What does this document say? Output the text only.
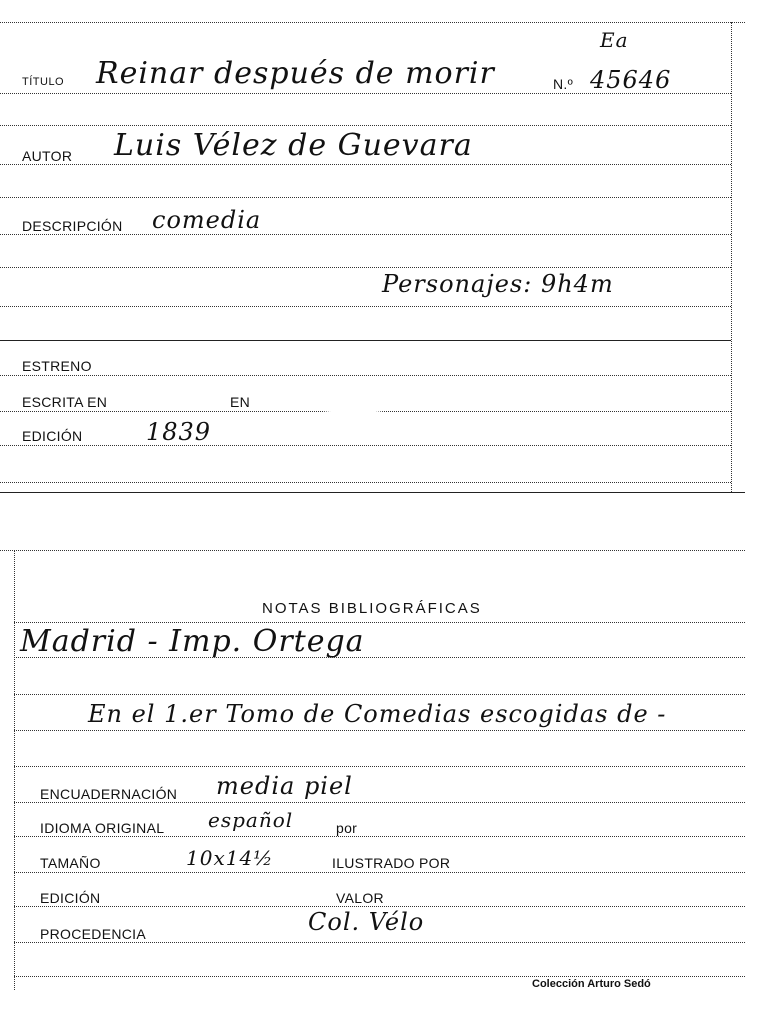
TÍTULO Reinar después de morir	N.º 45646
Ea
AUTOR Luis Vélez de Guevara
DESCRIPCIÓN comedia
Personajes: 9h4m
ESTRENO
ESCRITA EN	EN
EDICIÓN	1839
NOTAS BIBLIOGRÁFICAS
Madrid - Imp. Ortega
En el 1.er Tomo de Comedias escogidas de -
ENCUADERNACIÓN media piel
IDIOMA ORIGINAL español	por
TAMAÑO	10x14½	ILUSTRADO POR
EDICIÓN	VALOR
PROCEDENCIA	Col. Vélo
Colección Arturo Sedó
